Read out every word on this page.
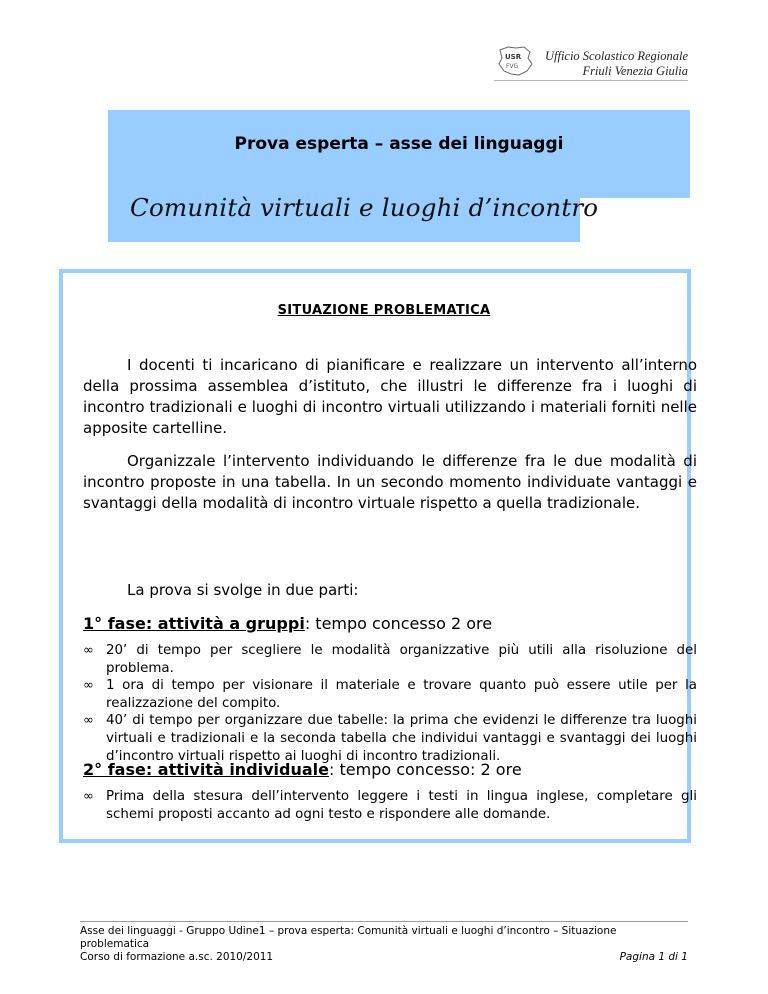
USR
FVG
Ufficio Scolastico Regionale
Friuli Venezia Giulia
Prova esperta – asse dei linguaggi
Comunità virtuali e luoghi d’incontro
SITUAZIONE PROBLEMATICA
I docenti ti incaricano di pianificare e realizzare un intervento all’interno della prossima assemblea d’istituto, che illustri le differenze fra i luoghi di incontro tradizionali e luoghi di incontro virtuali utilizzando i materiali forniti nelle apposite cartelline.
Organizzale l’intervento individuando le differenze fra le due modalità di incontro proposte in una tabella. In un secondo momento individuate vantaggi e svantaggi della modalità di incontro virtuale rispetto a quella tradizionale.
La prova si svolge in due parti:
1° fase: attività a gruppi: tempo concesso 2 ore
∞ 20’ di tempo per scegliere le modalità organizzative più utili alla risoluzione del problema.
∞ 1 ora di tempo per visionare il materiale e trovare quanto può essere utile per la realizzazione del compito.
∞ 40’ di tempo per organizzare due tabelle: la prima che evidenzi le differenze tra luoghi virtuali e tradizionali e la seconda tabella che individui vantaggi e svantaggi dei luoghi d’incontro virtuali rispetto ai luoghi di incontro tradizionali.
2° fase: attività individuale: tempo concesso: 2 ore
∞ Prima della stesura dell’intervento leggere i testi in lingua inglese, completare gli schemi proposti accanto ad ogni testo e rispondere alle domande.
Asse dei linguaggi - Gruppo Udine1 – prova esperta: Comunità virtuali e luoghi d’incontro – Situazione problematica
Corso di formazione a.sc. 2010/2011	Pagina 1 di 1
